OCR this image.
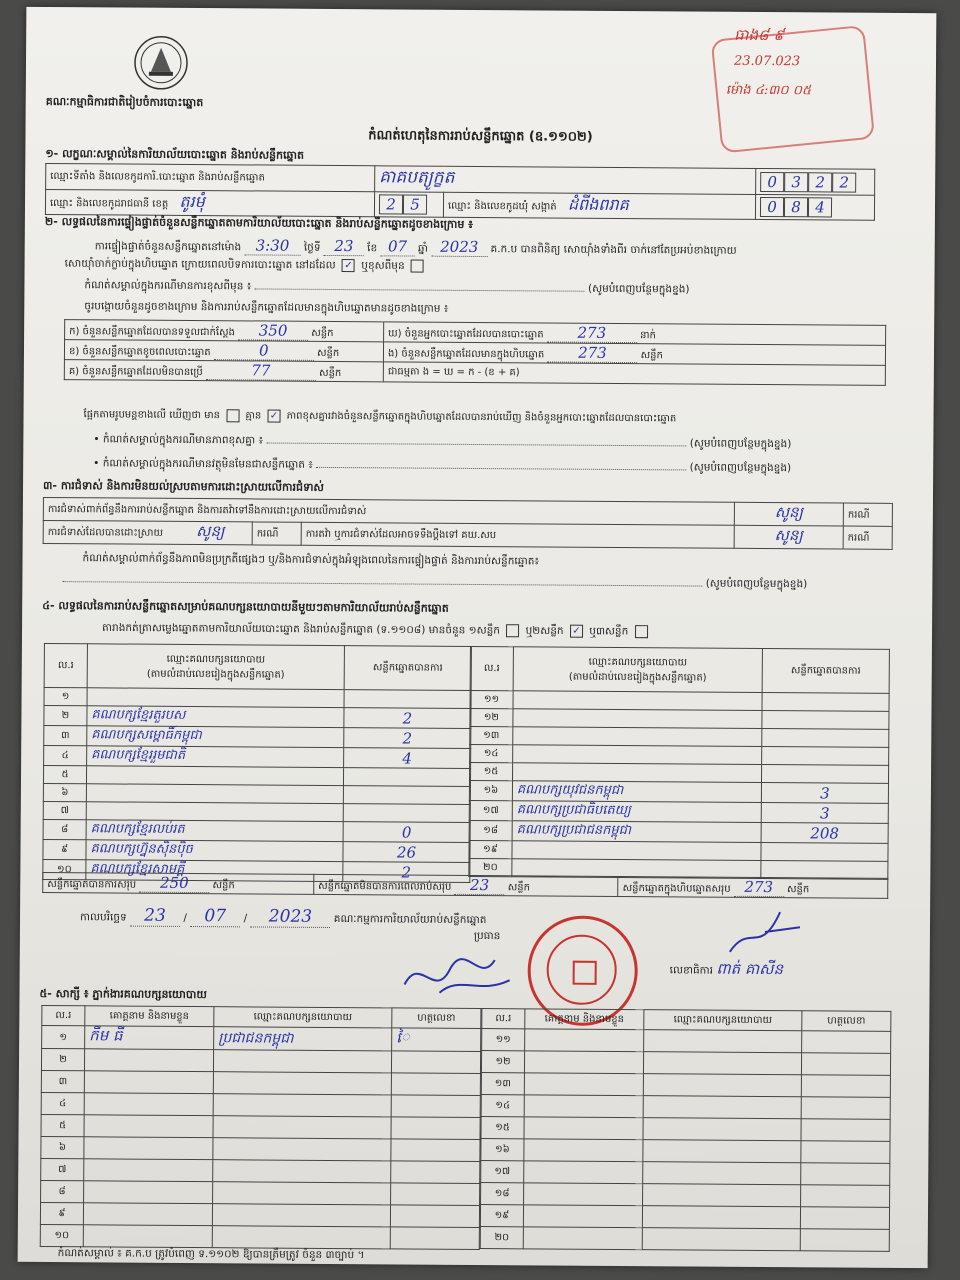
គណៈកម្មាធិការជាតិរៀបចំការបោះឆ្នោត
ធាង៨ ៩
23.07.023
ម៉ោង ៤:៣០ ០៥
កំណត់ហេតុនៃការរាប់សន្លឹកឆ្នោត (ឧ.១១០២)
១- លក្ខណៈសម្គាល់នៃការិយាល័យបោះឆ្នោត និងរាប់សន្លឹកឆ្នោត
ឈ្មោះទីតាំង និងលេខកូដការិ.បោះឆ្នោត និងរាប់សន្លឹកឆ្នោត	គាគបត្យូក្ខត		0 3 2 2
ឈ្មោះ និងលេខកូដរាជធានី ខេត្ត តូរមុំ	2 5	ឈ្មោះ និងលេខកូដឃុំ សង្កាត់ ដំពីងពរាគ	0 8 4
២- លទ្ធផលនៃការផ្ទៀងផ្ទាត់ចំនួនសន្លឹកឆ្នោតតាមការិយាល័យបោះឆ្នោត និងរាប់សន្លឹកឆ្នោតដូចខាងក្រោម ៖
ការផ្ទៀងផ្ទាត់ចំនួនសន្លឹកឆ្នោតនៅម៉ោង 3:30 ថ្ងៃទី 23 ខែ 07 ឆ្នាំ 2023 គ.ក.ប បានពិនិត្យ សោយ៉ាំងទាំងពីរ ចាក់នៅតែប្រអប់ខាងក្រោយ
សោយ៉ាំចាក់ក្លាប់ក្នុងហិបឆ្នោត ក្រោយពេលបិទការបោះឆ្នោត នៅដដែល ✓ ឬខុសពីមុន
កំណត់សម្គាល់ក្នុងករណីមានការខុសពីមុន ៖	(សូមបំពេញបន្ថែមក្នុងខ្នង)
ចូរបង្កោយចំនួនដូចខាងក្រោម និងការរាប់សន្លឹកឆ្នោតដែលមានក្នុងហិបឆ្នោតមានដូចខាងក្រោម ៖
ក) ចំនួនសន្លឹកឆ្នោតដែលបានទទួលជាក់ស្តែង 350 សន្លឹក	ឃ) ចំនួនអ្នកបោះឆ្នោតដែលបានបោះឆ្នោត 273 នាក់
ខ) ចំនួនសន្លឹកឆ្នោតខូចពេលបោះឆ្នោត 0 សន្លឹក	ង) ចំនួនសន្លឹកឆ្នោតដែលមានក្នុងហិបឆ្នោត 273 សន្លឹក
គ) ចំនួនសន្លឹកឆ្នោតដែលមិនបានប្រើ 77 សន្លឹក	ជាធម្មតា ង = ឃ = ក - (ខ + គ)
ផ្អែកតាមរូបមន្តខាងលើ ឃើញថា មាន	គ្មាន ✓ ភាពខុសគ្នារវាងចំនួនសន្លឹកឆ្នោតក្នុងហិបឆ្នោតដែលបានរាប់ឃើញ និងចំនួនអ្នកបោះឆ្នោតដែលបានបោះឆ្នោត
• កំណត់សម្គាល់ក្នុងករណីមានភាពខុសគ្នា ៖	(សូមបំពេញបន្ថែមក្នុងខ្នង)
• កំណត់សម្គាល់ក្នុងករណីមានវត្ថុមិនមែនជាសន្លឹកឆ្នោត ៖	(សូមបំពេញបន្ថែមក្នុងខ្នង)
៣- ការជំទាស់ និងការមិនយល់ស្របតាមការដោះស្រាយលើការជំទាស់
ការជំទាស់ពាក់ព័ន្ធនឹងការរាប់សន្លឹកឆ្នោត និងការតវ៉ាទៅនឹងការដោះស្រាយលើការជំទាស់			សូន្យ	ករណី
ការជំទាស់ដែលបានដោះស្រាយ សូន្យ	ករណី	ការតវ៉ា ឬការជំទាស់ដែលអាចទទឹងប្តឹងទៅ គឃ.សប	សូន្យ	ករណី
កំណត់សម្គាល់ពាក់ព័ន្ធនឹងភាពមិនប្រក្រតីផ្សេងៗ ឬ/និងការជំទាស់ក្នុងអំឡុងពេលនៃការផ្ទៀងផ្ទាត់ និងការរាប់សន្លឹកឆ្នោត៖
(សូមបំពេញបន្ថែមក្នុងខ្នង)
៤- លទ្ធផលនៃការរាប់សន្លឹកឆ្នោតសម្រាប់គណបក្សនយោបាយនីមួយៗតាមការិយាល័យរាប់សន្លឹកឆ្នោត
តារាងកត់ត្រាសម្លេងឆ្នោតតាមការិយាល័យបោះឆ្នោត និងរាប់សន្លឹកឆ្នោត (ទ.១១០៨) មានចំនួន ១សន្លឹក ឬ២សន្លឹក ✓ ឬ៣សន្លឹក
ល.រ	ឈ្មោះគណបក្សនយោបាយ
(តាមលំដាប់លេខរៀងក្នុងសន្លឹកឆ្នោត)	សន្លឹកឆ្នោតបានការ
១		
២	គណបក្សខ្មែរតួរបស	2
៣	គណបក្សសម្ពោធិ៍កម្ពុជា	2
៤	គណបក្សខ្មែររួមជាតិ	4
៥		
៦		
៧		
៨	គណបក្សខ្មែរលប់រត	0
៩	គណបក្សហ្វ៊ុនស៊ិនប៉ិច	26
១០	គណបក្សខ្មែរសាមគ្គី	2
ល.រ	ឈ្មោះគណបក្សនយោបាយ
(តាមលំដាប់លេខរៀងក្នុងសន្លឹកឆ្នោត)	សន្លឹកឆ្នោតបានការ
១១		
១២		
១៣		
១៤		
១៥		
១៦	គណបក្សយុវជនកម្ពុជា	3
១៧	គណបក្សប្រជាធិបតេយ្យ	3
១៨	គណបក្សប្រជាជនកម្ពុជា	208
១៩		
២០		
សន្លឹកឆ្នោតបានការសរុប 250 សន្លឹក	សន្លឹកឆ្នោតមិនបានការពេលរាប់សរុប 23 សន្លឹក	សន្លឹកឆ្នោតក្នុងហិបឆ្នោតសរុប 273 សន្លឹក
កាលបរិច្ឆេទ 23 / 07 / 2023 គណៈកម្មការការិយាល័យរាប់សន្លឹកឆ្នោត
ប្រធាន
លេខាធិការ ពាត់ គាសីន
៥- សាក្សី ៖ ភ្នាក់ងារគណបក្សនយោបាយ
ល.រ	គោត្តនាម និងនាមខ្លួន	ឈ្មោះគណបក្សនយោបាយ	ហត្ថលេខា
១	កឹម ធី	ប្រជាជនកម្ពុជា	ៃ
២			
៣			
៤			
៥			
៦			
៧			
៨			
៩			
១០			
ល.រ	គោត្តនាម និងនាមខ្លួន	ឈ្មោះគណបក្សនយោបាយ	ហត្ថលេខា
១១			
១២			
១៣			
១៤			
១៥			
១៦			
១៧			
១៨			
១៩			
២០			
កំណត់សម្គាល់ ៖ គ.ក.ប ត្រូវបំពេញ ទ.១១០២ ឱ្យបានត្រឹមត្រូវ ចំនួន ៣ច្បាប់ ។
